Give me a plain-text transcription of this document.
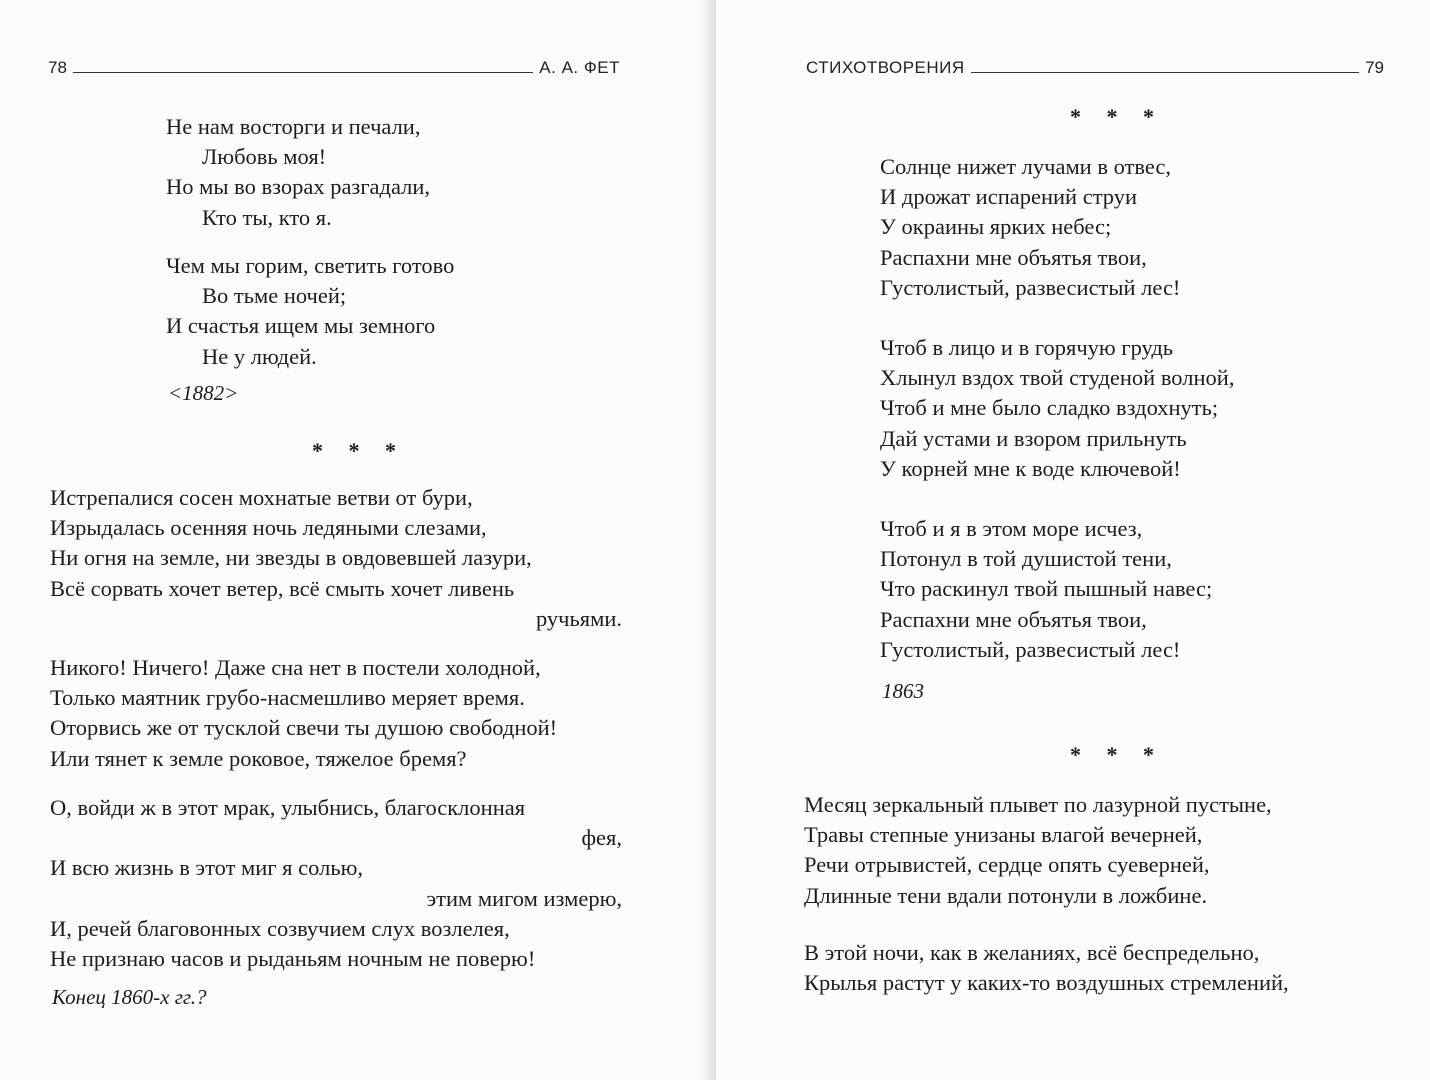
78	А. А. ФЕТ
Не нам восторги и печали,
Любовь моя!
Но мы во взорах разгадали,
Кто ты, кто я.
Чем мы горим, светить готово
Во тьме ночей;
И счастья ищем мы земного
Не у людей.
<1882>
* * *
Истрепалися сосен мохнатые ветви от бури,
Изрыдалась осенняя ночь ледяными слезами,
Ни огня на земле, ни звезды в овдовевшей лазури,
Всё сорвать хочет ветер, всё смыть хочет ливень
ручьями.
Никого! Ничего! Даже сна нет в постели холодной,
Только маятник грубо-насмешливо меряет время.
Оторвись же от тусклой свечи ты душою свободной!
Или тянет к земле роковое, тяжелое бремя?
О, войди ж в этот мрак, улыбнись, благосклонная
фея,
И всю жизнь в этот миг я солью,
этим мигом измерю,
И, речей благовонных созвучием слух возлелея,
Не признаю часов и рыданьям ночным не поверю!
Конец 1860-х гг.?
СТИХОТВОРЕНИЯ	79
* * *
Солнце нижет лучами в отвес,
И дрожат испарений струи
У окраины ярких небес;
Распахни мне объятья твои,
Густолистый, развесистый лес!
Чтоб в лицо и в горячую грудь
Хлынул вздох твой студеной волной,
Чтоб и мне было сладко вздохнуть;
Дай устами и взором прильнуть
У корней мне к воде ключевой!
Чтоб и я в этом море исчез,
Потонул в той душистой тени,
Что раскинул твой пышный навес;
Распахни мне объятья твои,
Густолистый, развесистый лес!
1863
* * *
Месяц зеркальный плывет по лазурной пустыне,
Травы степные унизаны влагой вечерней,
Речи отрывистей, сердце опять суеверней,
Длинные тени вдали потонули в ложбине.
В этой ночи, как в желаниях, всё беспредельно,
Крылья растут у каких-то воздушных стремлений,
